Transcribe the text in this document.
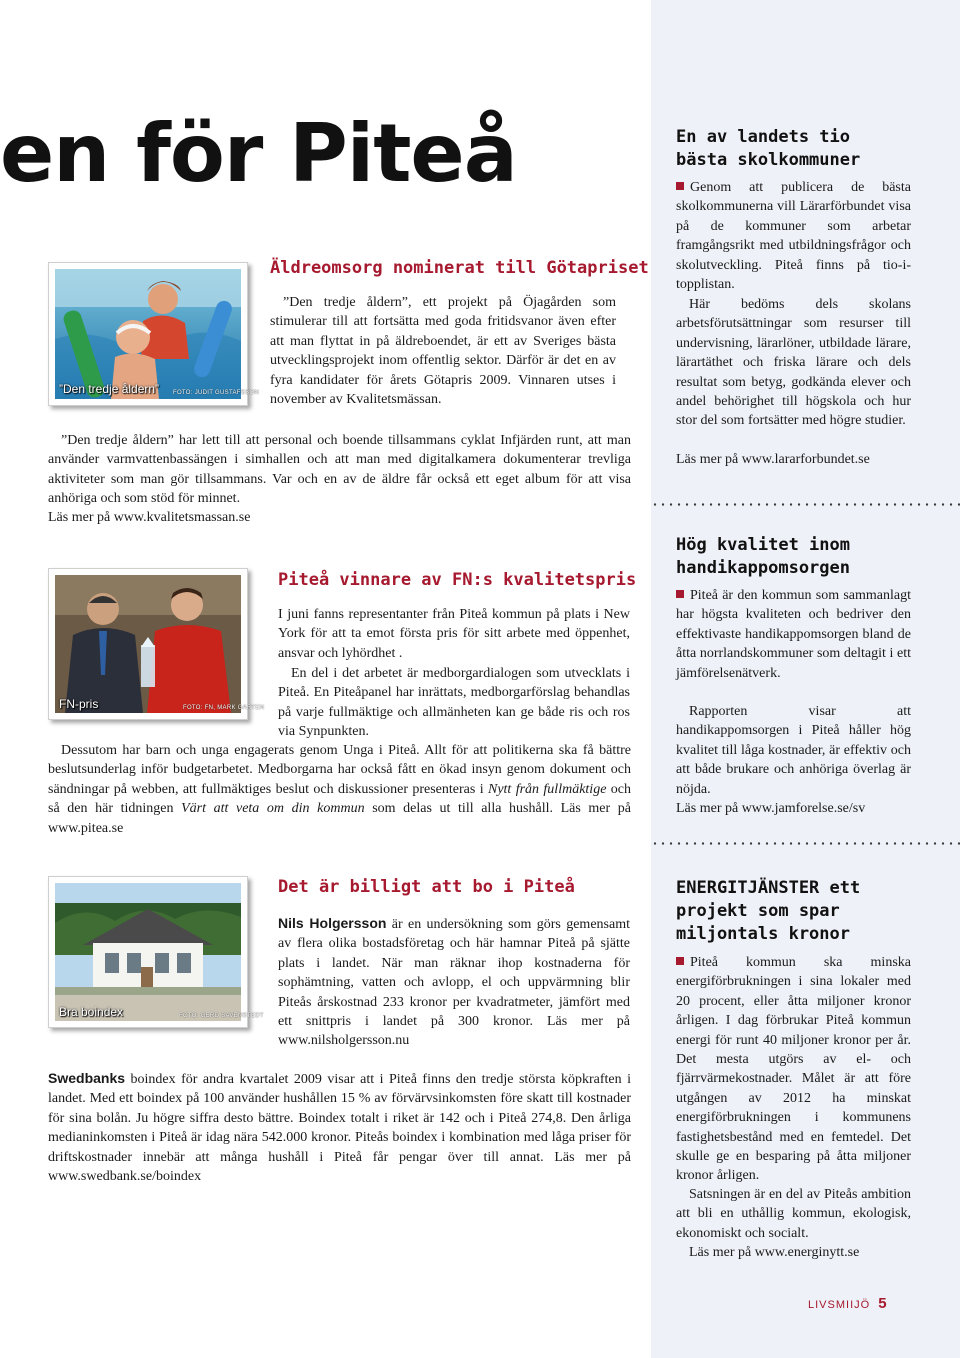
en för Piteå
”Den tredje åldern” FOTO: JUDIT GUSTAFSSON
Äldreomsorg nominerat till Götapriset

”Den tredje åldern”, ett projekt på Öjagården som stimulerar till att fortsätta med goda fritidsvanor även efter att man flyttat in på äldreboendet, är ett av Sveriges bästa utvecklingsprojekt inom offentlig sektor. Därför är det en av fyra kandidater för årets Götapris 2009. Vinnaren utses i november av Kvalitetsmässan.

”Den tredje åldern” har lett till att personal och boende tillsammans cyklat Infjärden runt, att man använder varmvattenbassängen i simhallen och att man med digitalkamera dokumenterar trevliga aktiviteter som man gör tillsammans. Var och en av de äldre får också ett eget album för att visa anhöriga och som stöd för minnet.

Läs mer på www.kvalitetsmassan.se

FN-pris	FOTO: FN, MARK GARTEN
Piteå vinnare av FN:s kvalitetspris

I juni fanns representanter från Piteå kommun på plats i New York för att ta emot första pris för sitt arbete med öppenhet, ansvar och lyhördhet .

En del i det arbetet är medborgardialogen som utvecklats i Piteå. En Piteåpanel har inrättats, medborgarförslag behandlas på varje fullmäktige och allmänheten kan ge både ris och ros via Synpunkten.

Dessutom har barn och unga engagerats genom Unga i Piteå. Allt för att politikerna ska få bättre beslutsunderlag inför budgetarbetet. Medborgarna har också fått en ökad insyn genom dokument och sändningar på webben, att fullmäktiges beslut och diskussioner presenteras i Nytt från fullmäktige och så den här tidningen Värt att veta om din kommun som delas ut till alla hushåll. Läs mer på www.pitea.se

Bra boindex	FOTO: GERD SAVENSTEDT
Det är billigt att bo i Piteå

Nils Holgersson är en undersökning som görs gemensamt av flera olika bostadsföretag och här hamnar Piteå på sjätte plats i landet. När man räknar ihop kostnaderna för sophämtning, vatten och avlopp, el och uppvärmning blir Piteås årskostnad 233 kronor per kvadratmeter, jämfört med ett snittpris i landet på 300 kronor. Läs mer på www.nilsholgersson.nu

Swedbanks boindex för andra kvartalet 2009 visar att i Piteå finns den tredje största köpkraften i landet. Med ett boindex på 100 använder hushållen 15 % av förvärvsinkomsten före skatt till kostnader för sina bolån. Ju högre siffra desto bättre. Boindex totalt i riket är 142 och i Piteå 274,8. Den årliga medianinkomsten i Piteå är idag nära 542.000 kronor. Piteås boindex i kombination med låga priser för driftskostnader innebär att många hushåll i Piteå får pengar över till annat. Läs mer på www.swedbank.se/boindex

En av landets tio bästa skolkommuner

Genom att publicera de bästa skolkommunerna vill Lärarförbundet visa på de kommuner som arbetar framgångsrikt med utbildningsfrågor och skolutveckling. Piteå finns på tio-i-topplistan.

Här bedöms dels skolans arbetsförutsättningar som resurser till undervisning, lärarlöner, utbildade lärare, lärartäthet och friska lärare och dels resultat som betyg, godkända elever och andel behörighet till högskola och hur stor del som fortsätter med högre studier.

Läs mer på www.lararforbundet.se

Hög kvalitet inom handikappomsorgen

Piteå är den kommun som sammanlagt har högsta kvaliteten och bedriver den effektivaste handikappomsorgen bland de åtta norrlandskommuner som deltagit i ett jämförelsenätverk.

Rapporten visar att handikappomsorgen i Piteå håller hög kvalitet till låga kostnader, är effektiv och att både brukare och anhöriga överlag är nöjda.

Läs mer på www.jamforelse.se/sv

ENERGITJÄNSTER ett projekt som spar miljontals kronor

Piteå kommun ska minska energiförbrukningen i sina lokaler med 20 procent, eller åtta miljoner kronor årligen. I dag förbrukar Piteå kommun energi för runt 40 miljoner kronor per år. Det mesta utgörs av el- och fjärrvärmekostnader. Målet är att före utgången av 2012 ha minskat energiförbrukningen i kommunens fastighetsbestånd med en femtedel. Det skulle ge en besparing på åtta miljoner kronor årligen.

Satsningen är en del av Piteås ambition att bli en uthållig kommun, ekologisk, ekonomiskt och socialt.

Läs mer på www.energinytt.se

LIVSMIIJÖ 5
